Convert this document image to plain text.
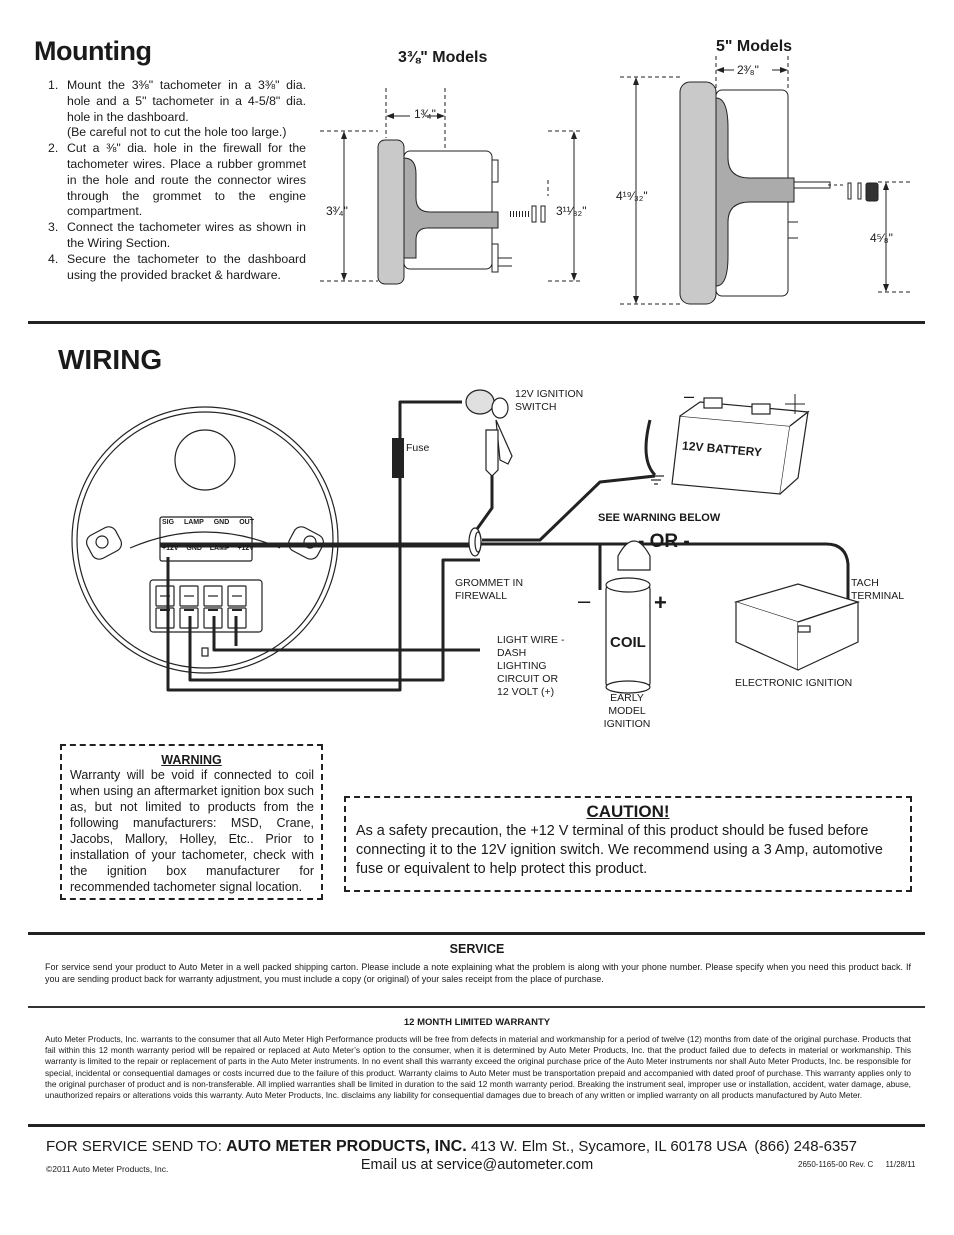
Mounting
1. Mount the 3⅜" tachometer in a 3⅜" dia. hole and a 5" tachometer in a 4-5/8" dia. hole in the dashboard.
(Be careful not to cut the hole too large.)
2. Cut a ⅜" dia. hole in the firewall for the tachometer wires. Place a rubber grommet in the hole and route the connector wires through the grommet to the engine compartment.
3. Connect the tachometer wires as shown in the Wiring Section.
4. Secure the tachometer to the dashboard using the provided bracket & hardware.
3⅜" Models
5" Models
1³⁄₄"
3³⁄₄"	3¹¹⁄₃₂"
2³⁄₈"
4¹⁹⁄₃₂"
4⁵⁄₈"
WIRING
SIG LAMP GND OUT
+12V GND LAMP +12V
12V IGNITION SWITCH
Fuse	12V BATTERY
–
SEE WARNING BELOW
- OR -
GROMMET IN FIREWALL
LIGHT WIRE - DASH LIGHTING CIRCUIT OR 12 VOLT (+)
–	+
COIL
EARLY MODEL IGNITION
TACH TERMINAL
ELECTRONIC IGNITION
WARNING
Warranty will be void if connected to coil when using an aftermarket ignition box such as, but not limited to products from the following manufacturers: MSD, Crane, Jacobs, Mallory, Holley, Etc.. Prior to installation of your tachometer, check with the ignition box manufacturer for recommended tachometer signal location.
CAUTION!
As a safety precaution, the +12 V terminal of this product should be fused before connecting it to the 12V ignition switch. We recommend using a 3 Amp, automotive fuse or equivalent to help protect this product.
SERVICE
For service send your product to Auto Meter in a well packed shipping carton. Please include a note explaining what the problem is along with your phone number. Please specify when you need this product back. If you are sending product back for warranty adjustment, you must include a copy (or original) of your sales receipt from the place of purchase.
12 MONTH LIMITED WARRANTY
Auto Meter Products, Inc. warrants to the consumer that all Auto Meter High Performance products will be free from defects in material and workmanship for a period of twelve (12) months from date of the original purchase. Products that fail within this 12 month warranty period will be repaired or replaced at Auto Meter’s option to the consumer, when it is determined by Auto Meter Products, Inc. that the product failed due to defects in material or workmanship. This warranty is limited to the repair or replacement of parts in the Auto Meter instruments. In no event shall this warranty exceed the original purchase price of the Auto Meter instruments nor shall Auto Meter Products, Inc. be responsible for special, incidental or consequential damages or costs incurred due to the failure of this product. Warranty claims to Auto Meter must be transportation prepaid and accompanied with dated proof of purchase. This warranty applies only to the original purchaser of product and is non-transferable. All implied warranties shall be limited in duration to the said 12 month warranty period. Breaking the instrument seal, improper use or installation, accident, water damage, abuse, unauthorized repairs or alterations voids this warranty. Auto Meter Products, Inc. disclaims any liability for consequential damages due to breach of any written or implied warranty on all products manufactured by Auto Meter.
FOR SERVICE SEND TO: AUTO METER PRODUCTS, INC. 413 W. Elm St., Sycamore, IL 60178 USA (866) 248-6357
Email us at service@autometer.com
©2011 Auto Meter Products, Inc.	2650-1165-00 Rev. C 11/28/11
